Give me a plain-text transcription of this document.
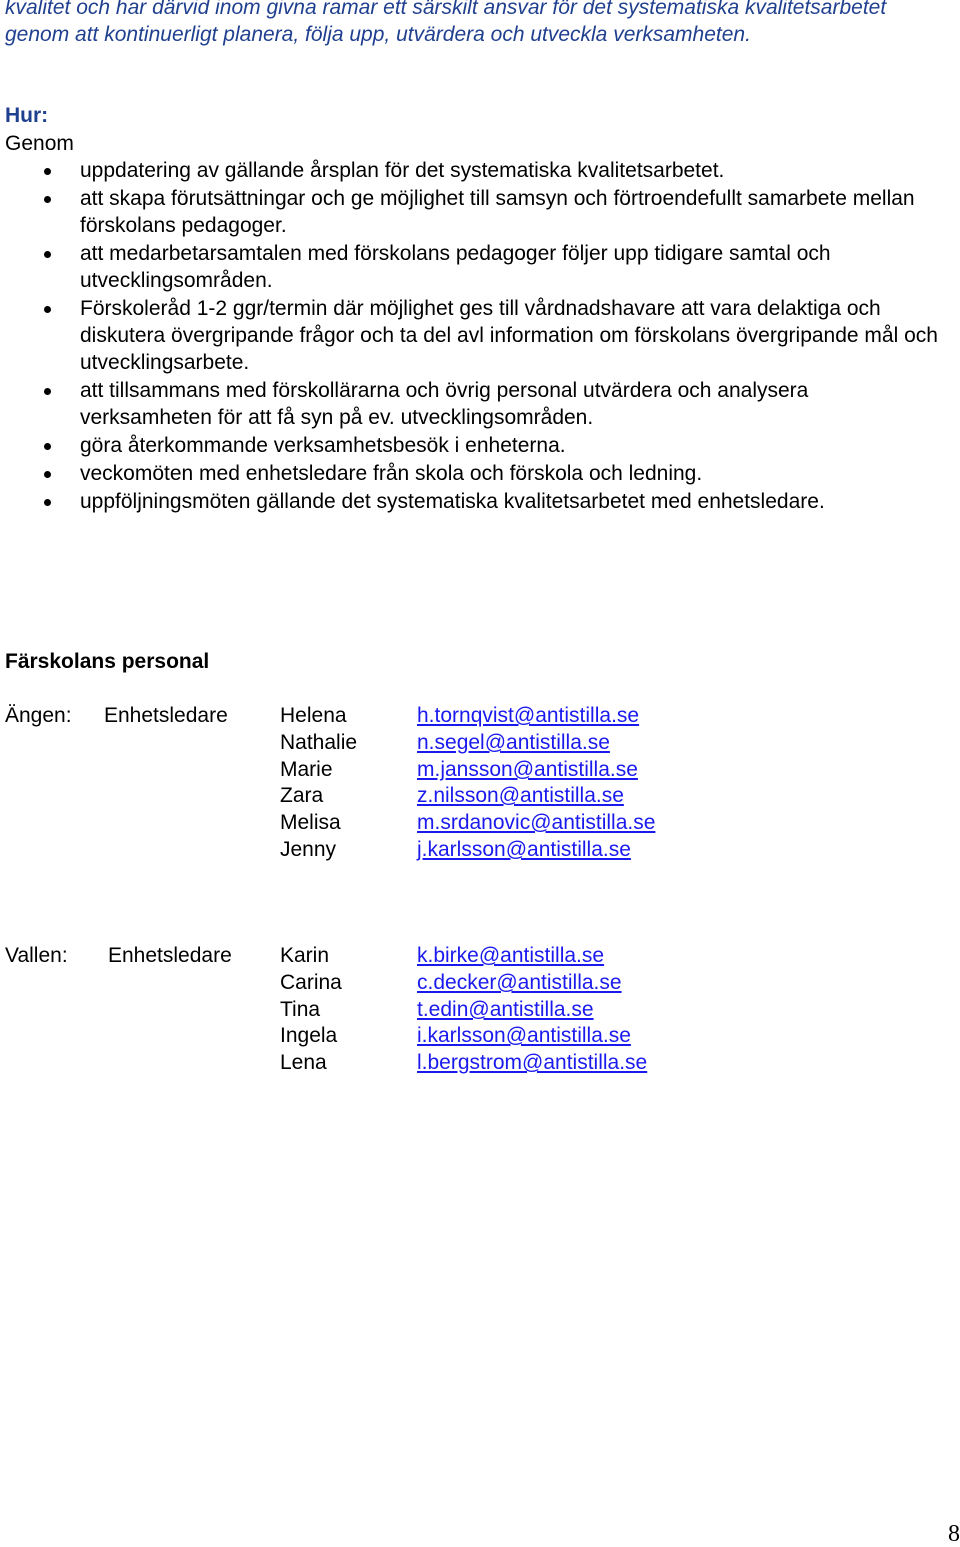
kvalitet och har därvid inom givna ramar ett särskilt ansvar för det systematiska kvalitetsarbetet genom att kontinuerligt planera, följa upp, utvärdera och utveckla verksamheten.

Hur:

Genom

uppdatering av gällande årsplan för det systematiska kvalitetsarbetet.
att skapa förutsättningar och ge möjlighet till samsyn och förtroendefullt samarbete mellan förskolans pedagoger.
att medarbetarsamtalen med förskolans pedagoger följer upp tidigare samtal och utvecklingsområden.
Förskoleråd 1-2 ggr/termin där möjlighet ges till vårdnadshavare att vara delaktiga och diskutera övergripande frågor och ta del avl information om förskolans övergripande mål och utvecklingsarbete.
att tillsammans med förskollärarna och övrig personal utvärdera och analysera verksamheten för att få syn på ev. utvecklingsområden.
göra återkommande verksamhetsbesök i enheterna.
veckomöten med enhetsledare från skola och förskola och ledning.
uppföljningsmöten gällande det systematiska kvalitetsarbetet med enhetsledare.

Färskolans personal

Ängen: Enhetsledare Helena	h.tornqvist@antistilla.se
Nathalie	n.segel@antistilla.se
Marie	m.jansson@antistilla.se
Zara	z.nilsson@antistilla.se
Melisa	m.srdanovic@antistilla.se
Jenny	j.karlsson@antistilla.se
Vallen: Enhetsledare Karin	k.birke@antistilla.se
Carina	c.decker@antistilla.se
Tina	t.edin@antistilla.se
Ingela	i.karlsson@antistilla.se
Lena	l.bergstrom@antistilla.se
8
